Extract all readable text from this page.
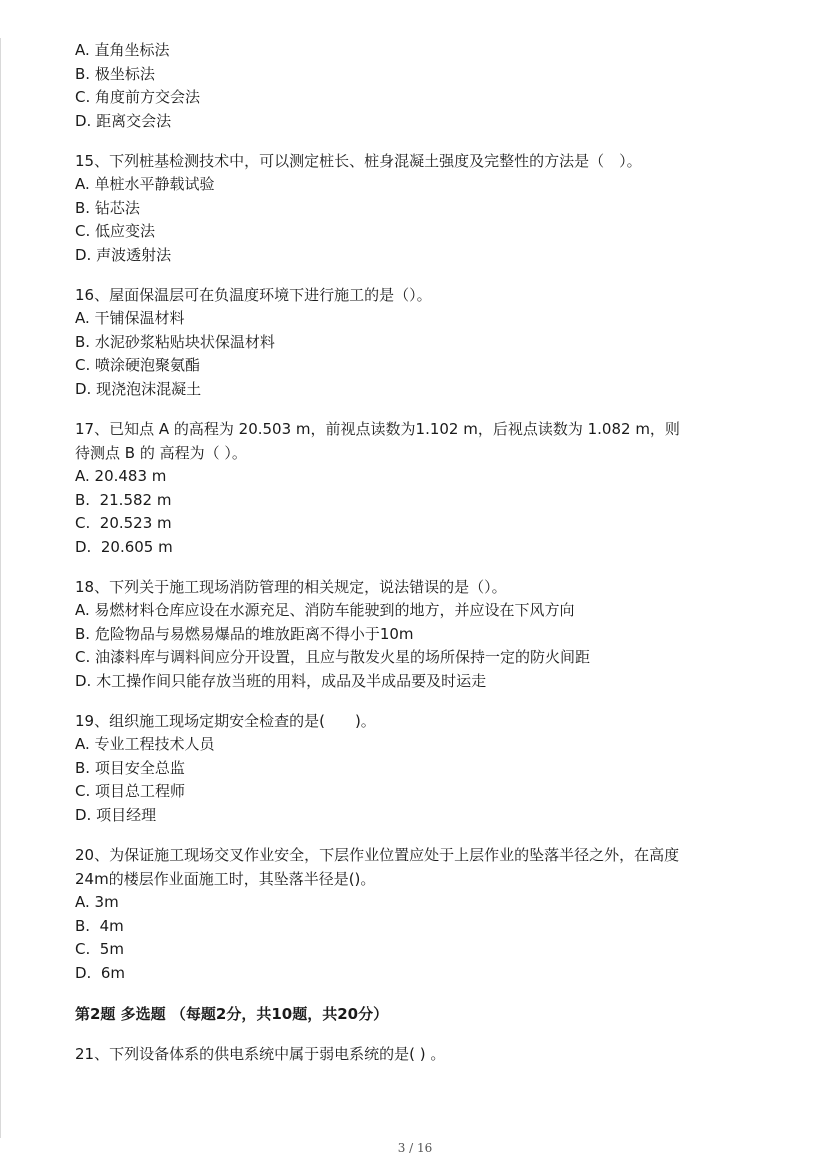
A. 直角坐标法
B. 极坐标法
C. 角度前方交会法
D. 距离交会法
15、下列桩基检测技术中，可以测定桩长、桩身混凝土强度及完整性的方法是（　）。
A. 单桩水平静载试验
B. 钻芯法
C. 低应变法
D. 声波透射法
16、屋面保温层可在负温度环境下进行施工的是（）。
A. 干铺保温材料
B. 水泥砂浆粘贴块状保温材料
C. 喷涂硬泡聚氨酯
D. 现浇泡沫混凝土
17、已知点 A 的高程为 20.503 m，前视点读数为1.102 m，后视点读数为 1.082 m，则
待测点 B 的 高程为（ ）。
A. 20.483 m
B.  21.582 m
C.  20.523 m
D.  20.605 m
18、下列关于施工现场消防管理的相关规定，说法错误的是（）。
A. 易燃材料仓库应设在水源充足、消防车能驶到的地方，并应设在下风方向
B. 危险物品与易燃易爆品的堆放距离不得小于10m
C. 油漆料库与调料间应分开设置，且应与散发火星的场所保持一定的防火间距
D. 木工操作间只能存放当班的用料，成品及半成品要及时运走
19、组织施工现场定期安全检查的是(　　)。
A. 专业工程技术人员
B. 项目安全总监
C. 项目总工程师
D. 项目经理
20、为保证施工现场交叉作业安全，下层作业位置应处于上层作业的坠落半径之外，在高度
24m的楼层作业面施工时，其坠落半径是()。
A. 3m
B.  4m
C.  5m
D.  6m
第2题 多选题 （每题2分，共10题，共20分）
21、下列设备体系的供电系统中属于弱电系统的是( ) 。
3 / 16
